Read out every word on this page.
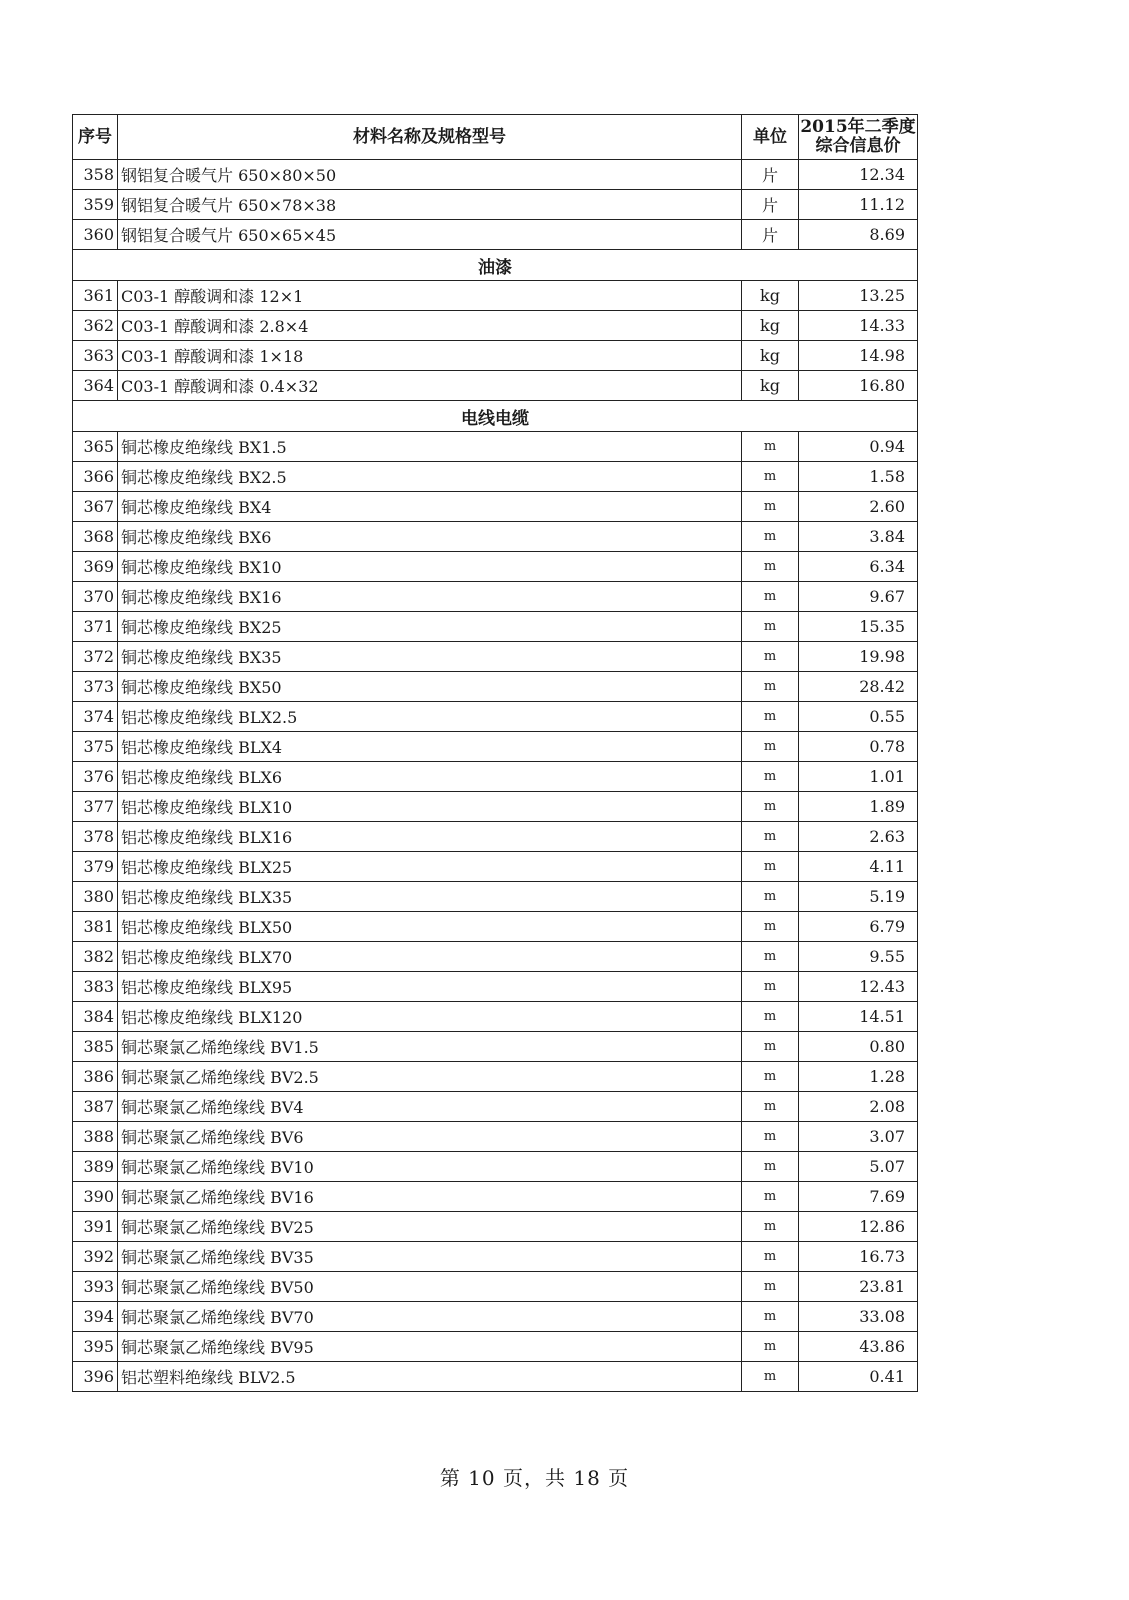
序号	材料名称及规格型号	单位	2015年二季度
综合信息价

358	钢铝复合暖气片 650×80×50	片	12.34
359	钢铝复合暖气片 650×78×38	片	11.12
360	钢铝复合暖气片 650×65×45	片	8.69
油漆			
361	C03-1 醇酸调和漆 12×1	kg	13.25
362	C03-1 醇酸调和漆 2.8×4	kg	14.33
363	C03-1 醇酸调和漆 1×18	kg	14.98
364	C03-1 醇酸调和漆 0.4×32	kg	16.80
电线电缆			
365	铜芯橡皮绝缘线 BX1.5	m	0.94
366	铜芯橡皮绝缘线 BX2.5	m	1.58
367	铜芯橡皮绝缘线 BX4	m	2.60
368	铜芯橡皮绝缘线 BX6	m	3.84
369	铜芯橡皮绝缘线 BX10	m	6.34
370	铜芯橡皮绝缘线 BX16	m	9.67
371	铜芯橡皮绝缘线 BX25	m	15.35
372	铜芯橡皮绝缘线 BX35	m	19.98
373	铜芯橡皮绝缘线 BX50	m	28.42
374	铝芯橡皮绝缘线 BLX2.5	m	0.55
375	铝芯橡皮绝缘线 BLX4	m	0.78
376	铝芯橡皮绝缘线 BLX6	m	1.01
377	铝芯橡皮绝缘线 BLX10	m	1.89
378	铝芯橡皮绝缘线 BLX16	m	2.63
379	铝芯橡皮绝缘线 BLX25	m	4.11
380	铝芯橡皮绝缘线 BLX35	m	5.19
381	铝芯橡皮绝缘线 BLX50	m	6.79
382	铝芯橡皮绝缘线 BLX70	m	9.55
383	铝芯橡皮绝缘线 BLX95	m	12.43
384	铝芯橡皮绝缘线 BLX120	m	14.51
385	铜芯聚氯乙烯绝缘线 BV1.5	m	0.80
386	铜芯聚氯乙烯绝缘线 BV2.5	m	1.28
387	铜芯聚氯乙烯绝缘线 BV4	m	2.08
388	铜芯聚氯乙烯绝缘线 BV6	m	3.07
389	铜芯聚氯乙烯绝缘线 BV10	m	5.07
390	铜芯聚氯乙烯绝缘线 BV16	m	7.69
391	铜芯聚氯乙烯绝缘线 BV25	m	12.86
392	铜芯聚氯乙烯绝缘线 BV35	m	16.73
393	铜芯聚氯乙烯绝缘线 BV50	m	23.81
394	铜芯聚氯乙烯绝缘线 BV70	m	33.08
395	铜芯聚氯乙烯绝缘线 BV95	m	43.86
396	铝芯塑料绝缘线 BLV2.5	m	0.41
第 10 页，共 18 页
